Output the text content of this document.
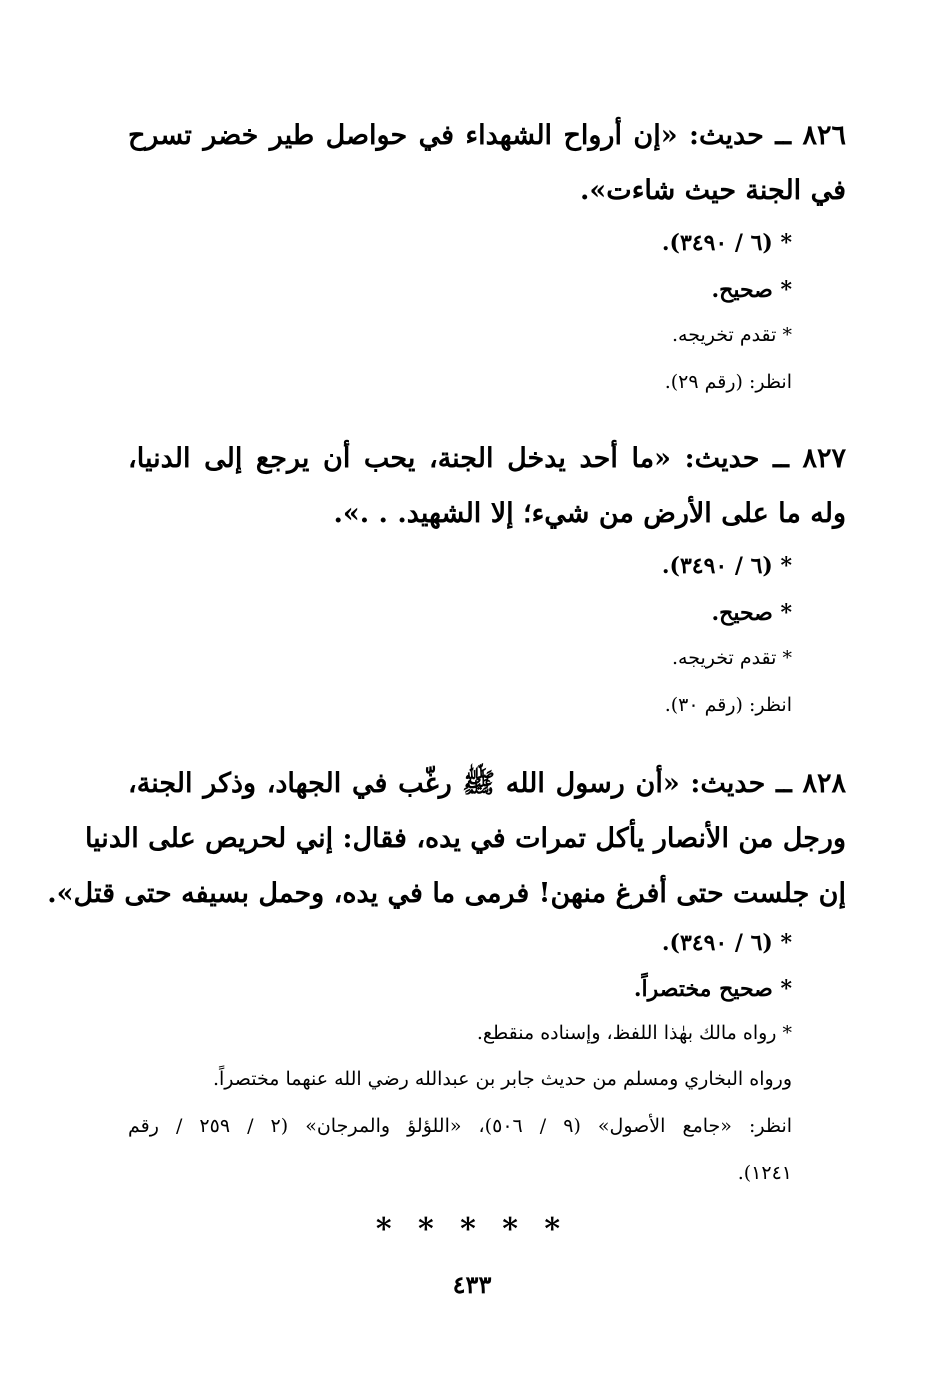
٨٢٦ ــ حديث: «إن أرواح الشهداء في حواصل طير خضر تسرح
في الجنة حيث شاءت».
* (٦ / ٣٤٩٠).
* صحيح.
* تقدم تخريجه.
انظر: (رقم ٢٩).
٨٢٧ ــ حديث: «ما أحد يدخل الجنة، يحب أن يرجع إلى الدنيا،
وله ما على الأرض من شيء؛ إلا الشهيد. . .».
* (٦ / ٣٤٩٠).
* صحيح.
* تقدم تخريجه.
انظر: (رقم ٣٠).
٨٢٨ ــ حديث: «أن رسول الله ﷺ رغّب في الجهاد، وذكر الجنة،
ورجل من الأنصار يأكل تمرات في يده، فقال: إني لحريص على الدنيا
إن جلست حتى أفرغ منهن! فرمى ما في يده، وحمل بسيفه حتى قتل».
* (٦ / ٣٤٩٠).
* صحيح مختصراً.
* رواه مالك بهٰذا اللفظ، وإسناده منقطع.
ورواه البخاري ومسلم من حديث جابر بن عبدالله رضي الله عنهما مختصراً.
انظر: «جامع الأصول» (٩ / ٥٠٦)، «اللؤلؤ والمرجان» (٢ / ٢٥٩ / رقم
١٢٤١).
* * * * *
٤٣٣
